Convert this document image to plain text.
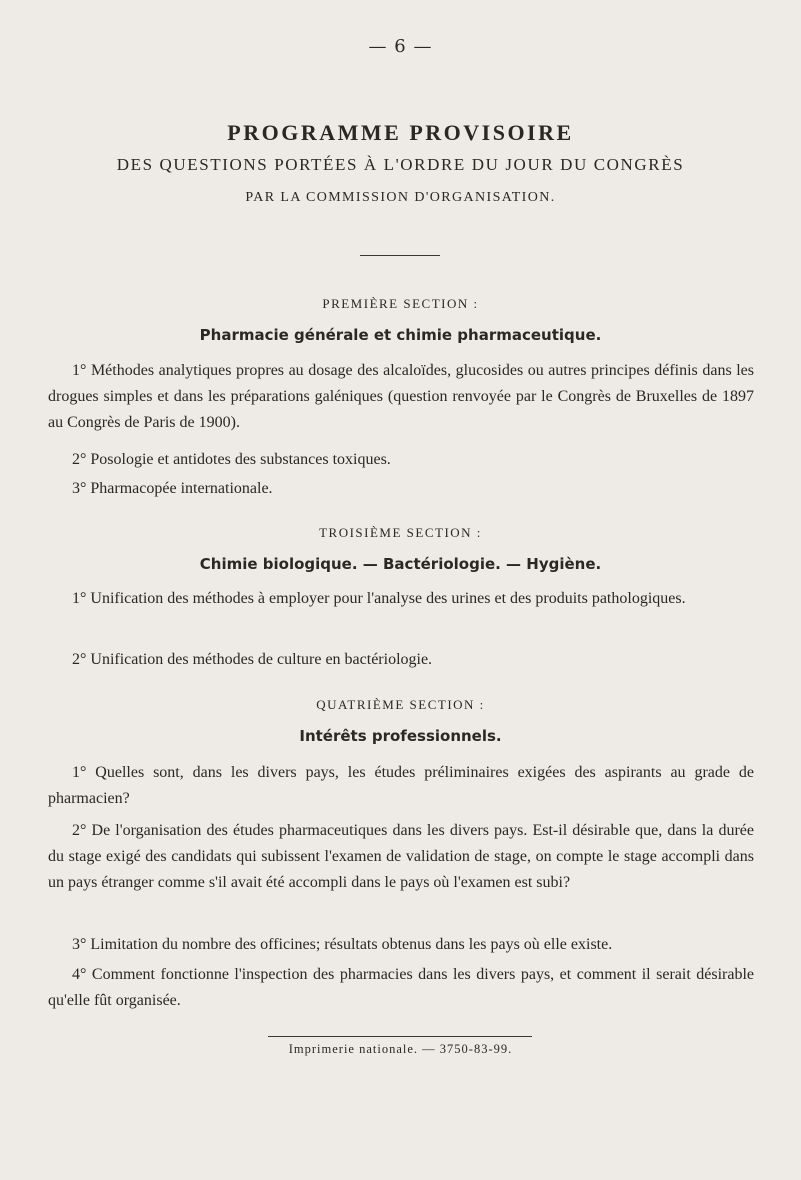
— 6 —
PROGRAMME PROVISOIRE
DES QUESTIONS PORTÉES À L'ORDRE DU JOUR DU CONGRÈS
PAR LA COMMISSION D'ORGANISATION.
PREMIÈRE SECTION :
Pharmacie générale et chimie pharmaceutique.
1° Méthodes analytiques propres au dosage des alcaloïdes, glucosides ou autres principes définis dans les drogues simples et dans les préparations galéniques (question renvoyée par le Congrès de Bruxelles de 1897 au Congrès de Paris de 1900).
2° Posologie et antidotes des substances toxiques.
3° Pharmacopée internationale.
TROISIÈME SECTION :
Chimie biologique. — Bactériologie. — Hygiène.
1° Unification des méthodes à employer pour l'analyse des urines et des produits pathologiques.
2° Unification des méthodes de culture en bactériologie.
QUATRIÈME SECTION :
Intérêts professionnels.
1° Quelles sont, dans les divers pays, les études préliminaires exigées des aspirants au grade de pharmacien?
2° De l'organisation des études pharmaceutiques dans les divers pays. Est-il désirable que, dans la durée du stage exigé des candidats qui subissent l'examen de validation de stage, on compte le stage accompli dans un pays étranger comme s'il avait été accompli dans le pays où l'examen est subi?
3° Limitation du nombre des officines; résultats obtenus dans les pays où elle existe.
4° Comment fonctionne l'inspection des pharmacies dans les divers pays, et comment il serait désirable qu'elle fût organisée.
Imprimerie nationale. — 3750-83-99.
